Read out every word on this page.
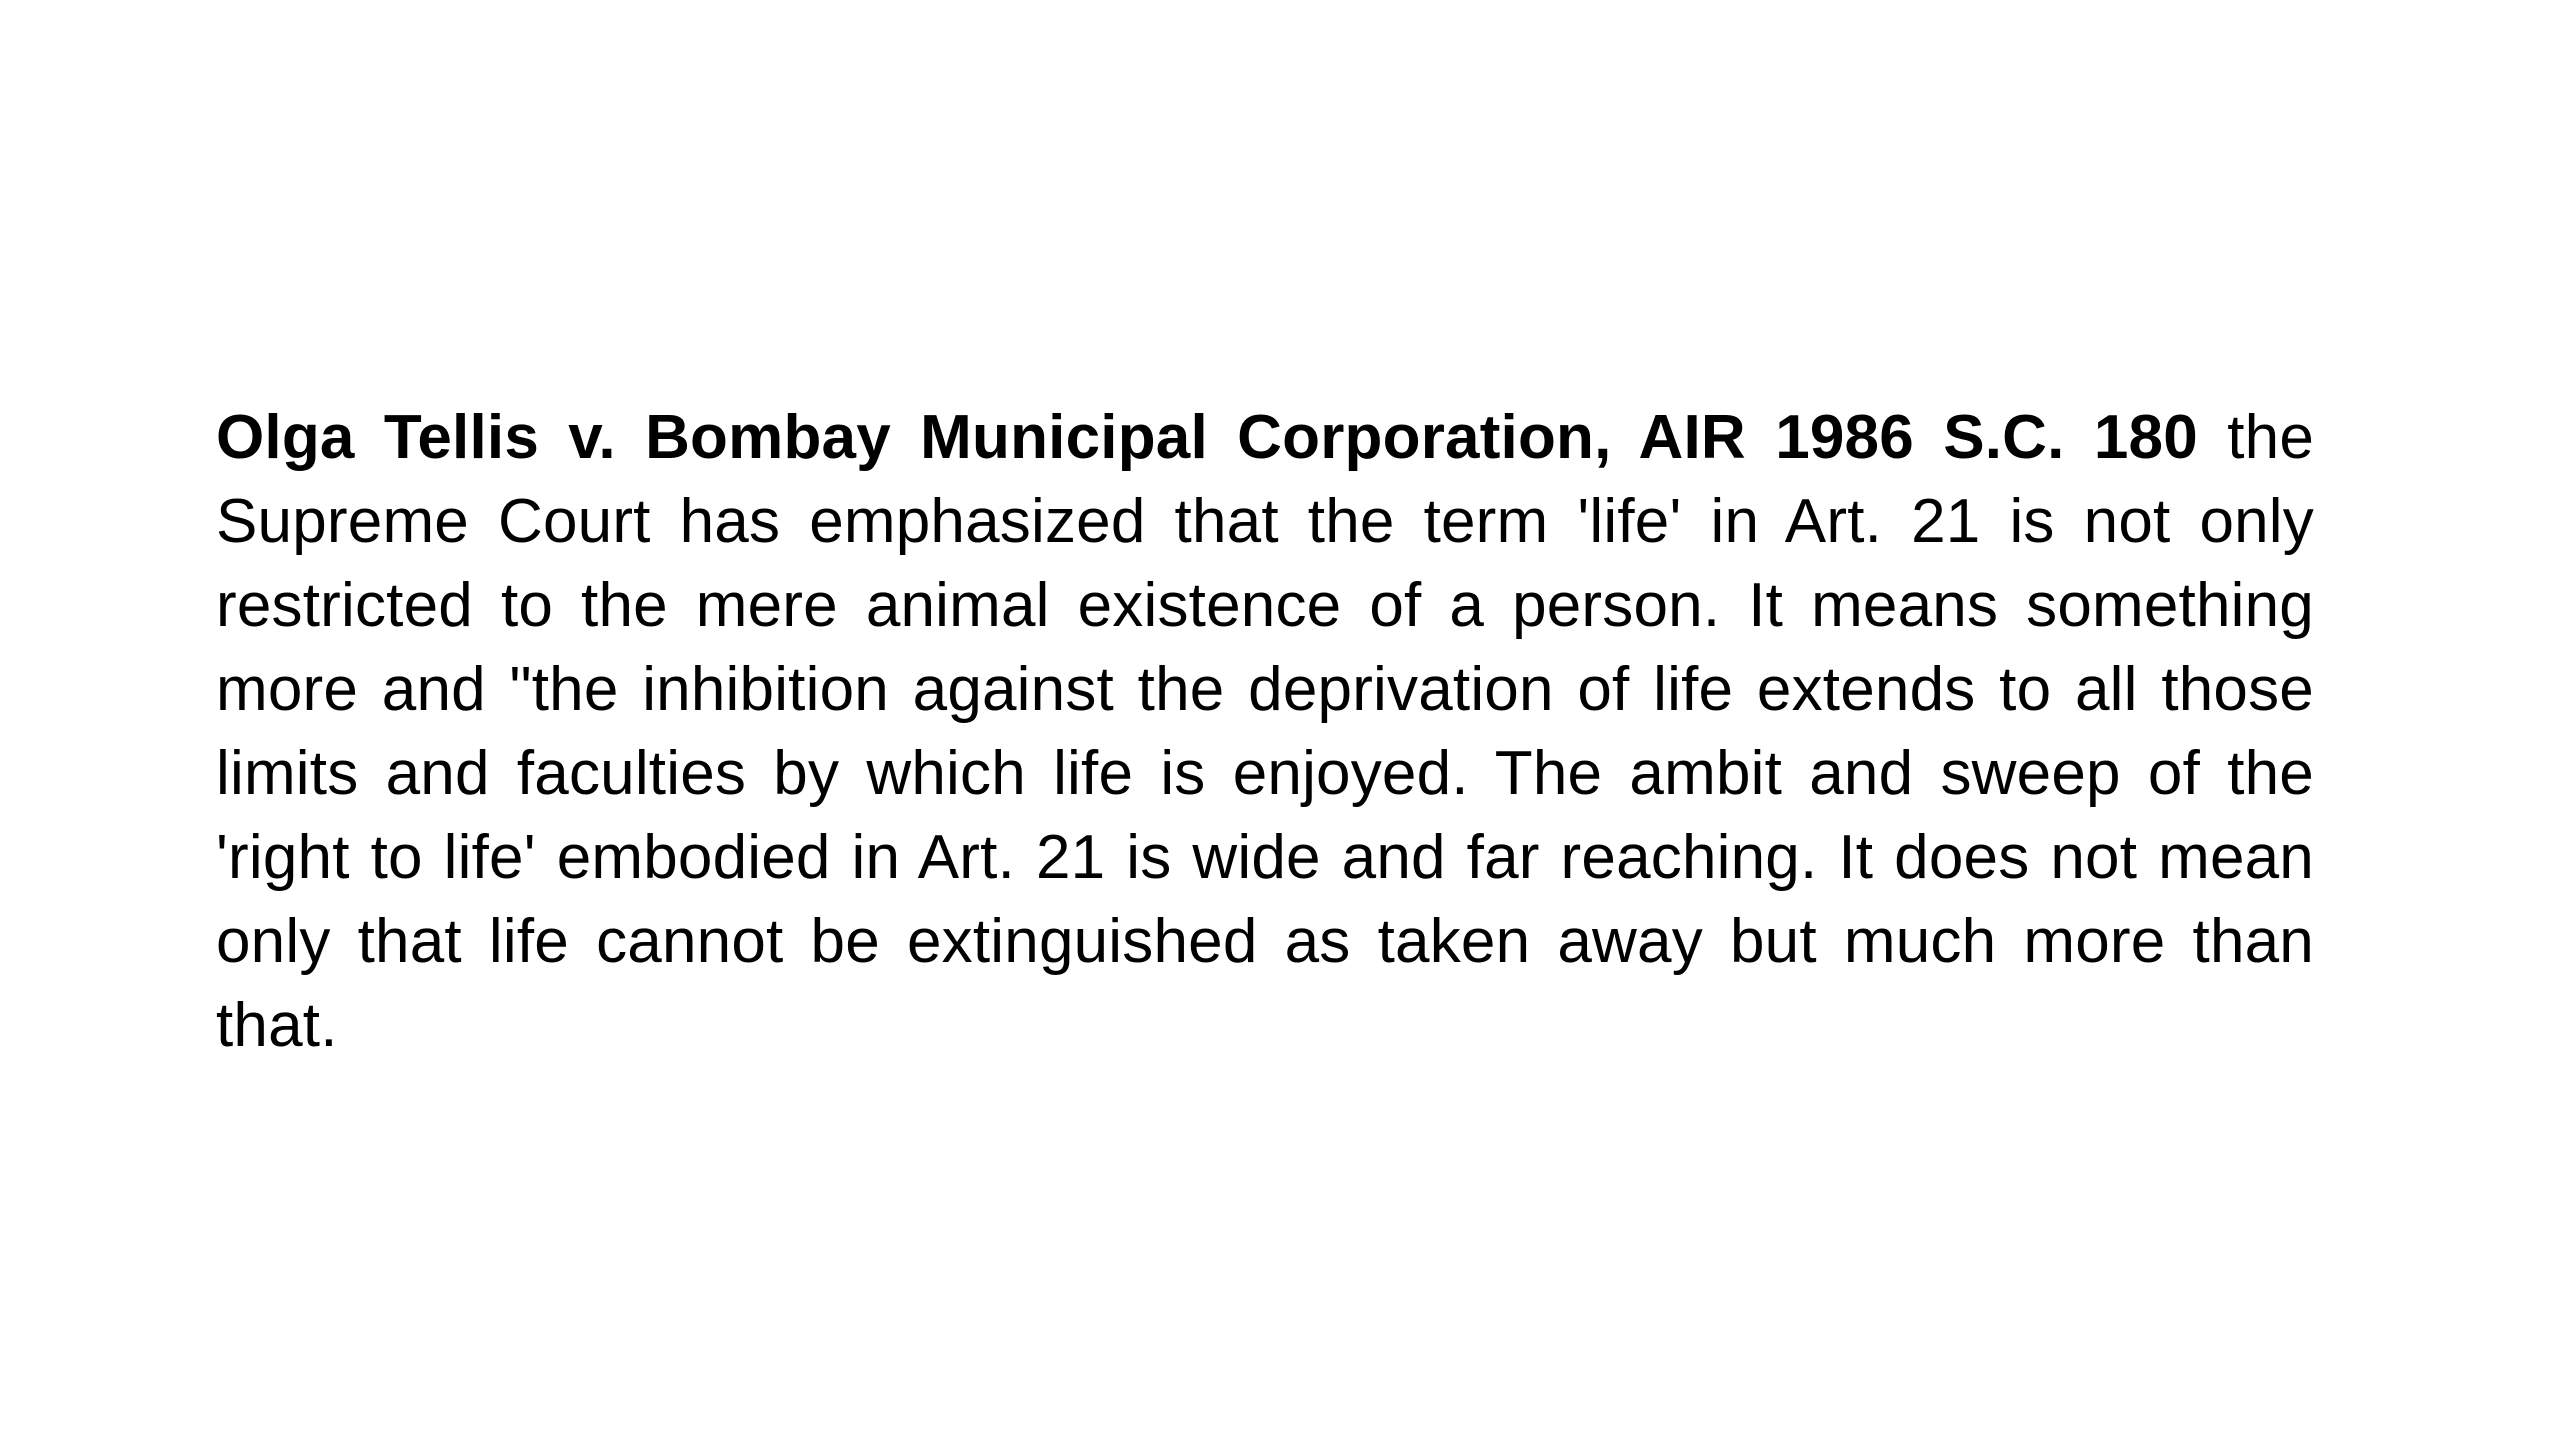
Olga Tellis v. Bombay Municipal Corporation, AIR 1986 S.C. 180 the Supreme Court has emphasized that the term 'life' in Art. 21 is not only restricted to the mere animal existence of a person. It means something more and "the inhibition against the deprivation of life extends to all those limits and faculties by which life is enjoyed. The ambit and sweep of the 'right to life' embodied in Art. 21 is wide and far reaching. It does not mean only that life cannot be extinguished as taken away but much more than that.
